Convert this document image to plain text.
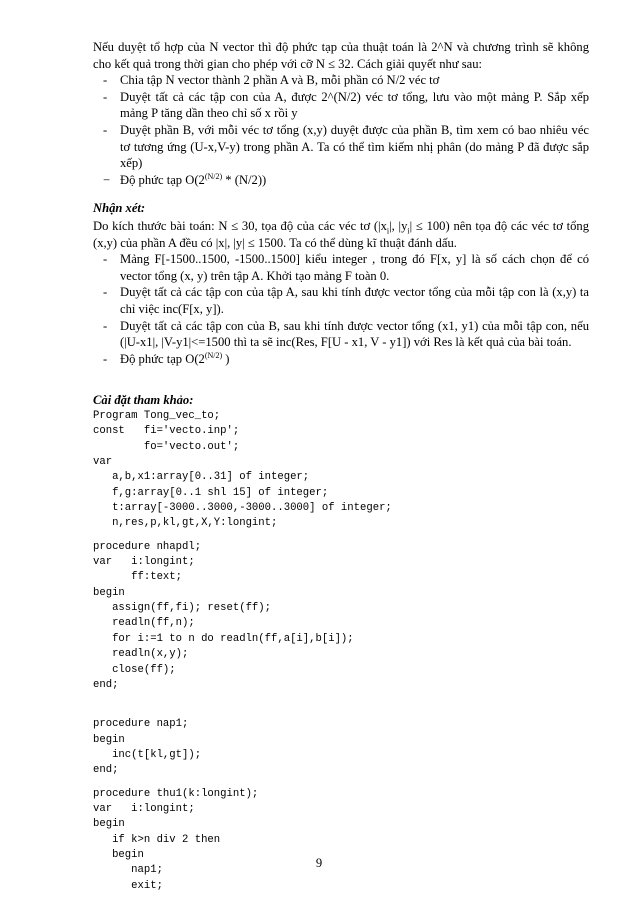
Nếu duyệt tổ hợp của N vector thì độ phức tạp của thuật toán là 2^N và chương trình sẽ không cho kết quả trong thời gian cho phép với cỡ N ≤ 32. Cách giải quyết như sau:

- Chia tập N vector thành 2 phần A và B, mỗi phần có N/2 véc tơ

- Duyệt tất cả các tập con của A, được 2^(N/2) véc tơ tổng, lưu vào một mảng P. Sắp xếp mảng P tăng dần theo chỉ số x rồi y

- Duyệt phần B, với mỗi véc tơ tổng (x,y) duyệt được của phần B, tìm xem có bao nhiêu véc tơ tương ứng (U-x,V-y) trong phần A. Ta có thể tìm kiếm nhị phân (do mảng P đã được sắp xếp)

− Độ phức tạp $O(2^{(N/2)} * (N/2))$

Nhận xét:

Do kích thước bài toán: N ≤ 30, tọa độ của các véc tơ ($|x_i|$, $|y_i| \le 100$) nên tọa độ các véc tơ tổng (x,y) của phần A đều có |x|, |y| ≤ 1500. Ta có thể dùng kĩ thuật đánh dấu.

- Mảng F[-1500..1500, -1500..1500] kiểu integer , trong đó F[x, y] là số cách chọn để có vector tổng (x, y) trên tập A. Khởi tạo mảng F toàn 0.

- Duyệt tất cả các tập con của tập A, sau khi tính được vector tổng của mỗi tập con là (x,y) ta chỉ việc inc(F[x, y]).

- Duyệt tất cả các tập con của B, sau khi tính được vector tổng (x1, y1) của mỗi tập con, nếu (|U-x1|, |V-y1|<=1500 thì ta sẽ inc(Res, F[U - x1, V - y1]) với Res là kết quả của bài toán.

- Độ phức tạp $O(2^{(N/2)}$ )

Cài đặt tham khảo:
Program Tong_vec_to;
const   fi='vecto.inp';
fo='vecto.out';
var
a,b,x1:array[0..31] of integer;
f,g:array[0..1 shl 15] of integer;
t:array[-3000..3000,-3000..3000] of integer;
n,res,p,kl,gt,X,Y:longint;
procedure nhapdl;
var   i:longint;
ff:text;
begin
assign(ff,fi); reset(ff);
readln(ff,n);
for i:=1 to n do readln(ff,a[i],b[i]);
readln(x,y);
close(ff);
end;
procedure nap1;
begin
inc(t[kl,gt]);
end;
procedure thu1(k:longint);
var   i:longint;
begin
if k>n div 2 then
begin
nap1;
exit;
9
